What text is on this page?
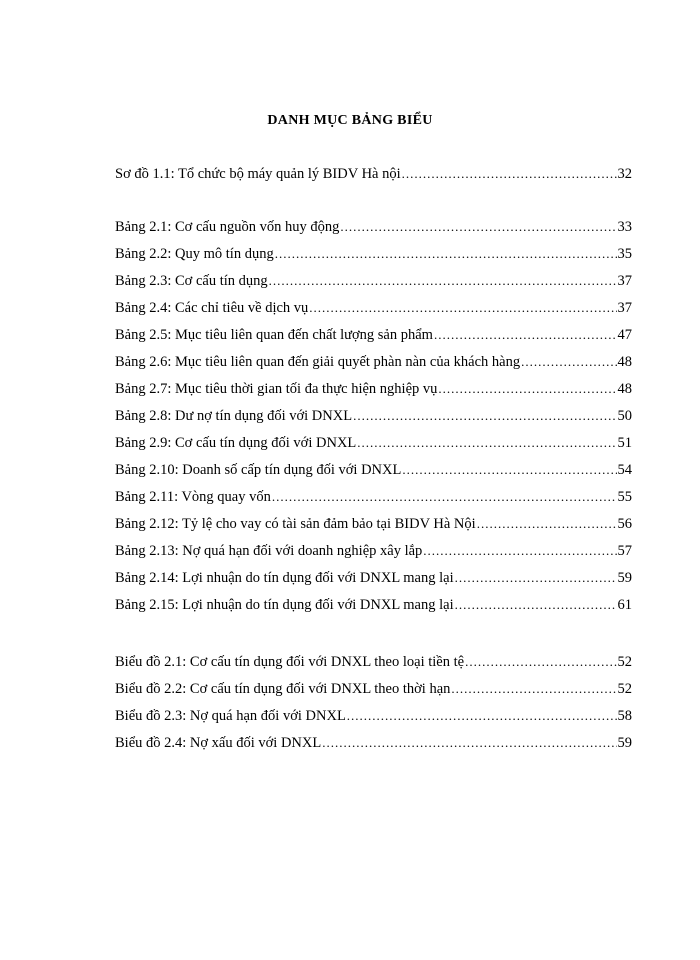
DANH MỤC BẢNG BIỂU
Sơ đồ 1.1: Tổ chức bộ máy quản lý BIDV Hà nội .....	32
Bảng 2.1: Cơ cấu nguồn vốn huy động .....	33
Bảng 2.2: Quy mô tín dụng .....	35
Bảng 2.3: Cơ cấu tín dụng .....	37
Bảng 2.4: Các chỉ tiêu về dịch vụ .....	37
Bảng 2.5: Mục tiêu liên quan đến chất lượng sản phẩm .....	47
Bảng 2.6: Mục tiêu liên quan đến giải quyết phàn nàn của khách hàng .....	48
Bảng 2.7: Mục tiêu thời gian tối đa thực hiện nghiệp vụ .....	48
Bảng 2.8: Dư nợ tín dụng đối với DNXL .....	50
Bảng 2.9: Cơ cấu tín dụng đối với DNXL .....	51
Bảng 2.10: Doanh số cấp tín dụng đối với DNXL .....	54
Bảng 2.11: Vòng quay vốn .....	55
Bảng 2.12: Tỷ lệ cho vay có tài sản đảm bảo tại BIDV Hà Nội .....	56
Bảng 2.13: Nợ quá hạn đối với doanh nghiệp xây lắp .....	57
Bảng 2.14: Lợi nhuận do tín dụng đối với DNXL mang lại .....	59
Bảng 2.15: Lợi nhuận do tín dụng đối với DNXL mang lại .....	61
Biểu đồ 2.1: Cơ cấu tín dụng đối với DNXL theo loại tiền tệ .....	52
Biểu đồ 2.2: Cơ cấu tín dụng đối với DNXL theo thời hạn .....	52
Biểu đồ 2.3: Nợ quá hạn đối với DNXL .....	58
Biểu đồ 2.4: Nợ xấu đối với DNXL .....	59
